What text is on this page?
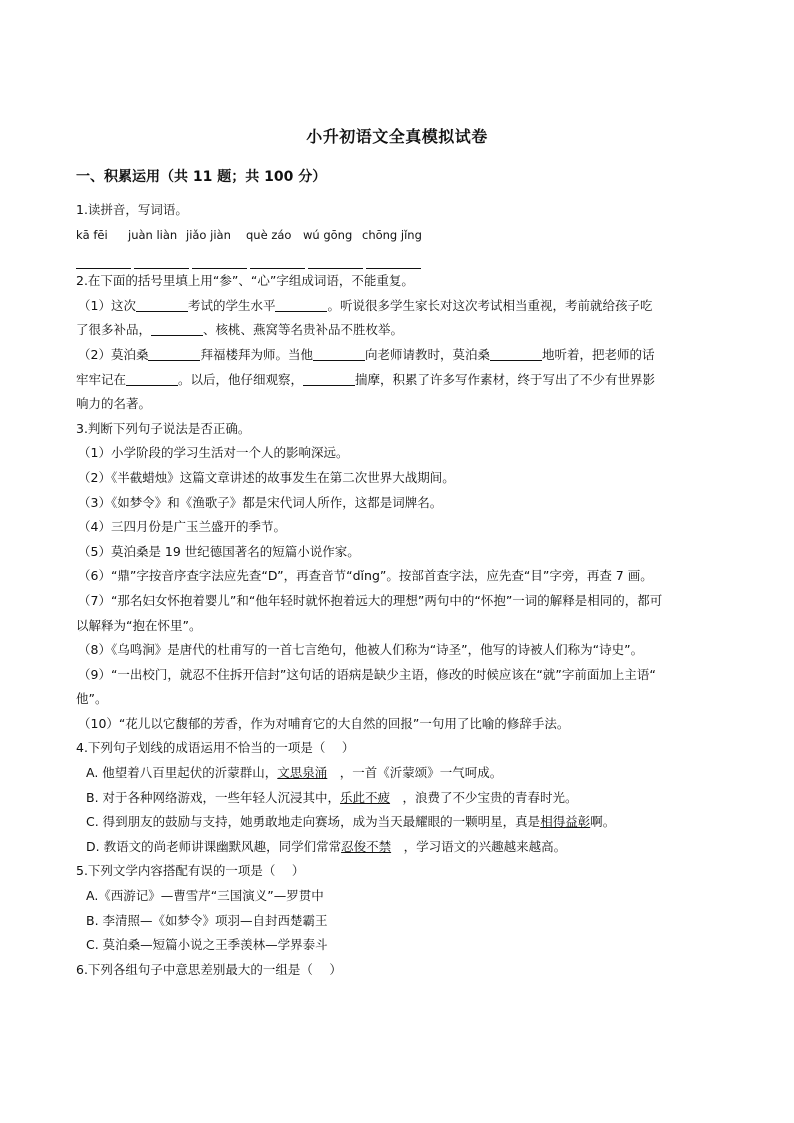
小升初语文全真模拟试卷
一、积累运用（共 11 题；共 100 分）
1.读拼音，写词语。
kā fēi	juàn liàn jiǎo jiàn	què záo	wú gōng chōng jǐng
2.在下面的括号里填上用“参”、“心”字组成词语，不能重复。
（1）这次	考试的学生水平	。听说很多学生家长对这次考试相当重视，考前就给孩子吃
了很多补品，	、核桃、燕窝等名贵补品不胜枚举。
（2）莫泊桑	拜福楼拜为师。当他	向老师请教时，莫泊桑	地听着，把老师的话
牢牢记在	。以后，他仔细观察，	揣摩，积累了许多写作素材，终于写出了不少有世界影
响力的名著。
3.判断下列句子说法是否正确。
（1）小学阶段的学习生活对一个人的影响深远。
（2）《半截蜡烛》这篇文章讲述的故事发生在第二次世界大战期间。
（3）《如梦令》和《渔歌子》都是宋代词人所作，这都是词牌名。
（4）三四月份是广玉兰盛开的季节。
（5）莫泊桑是 19 世纪德国著名的短篇小说作家。
（6）“鼎”字按音序查字法应先查“D”，再查音节“dǐng”。按部首查字法，应先查“目”字旁，再查 7 画。
（7）“那名妇女怀抱着婴儿”和“他年轻时就怀抱着远大的理想”两句中的“怀抱”一词的解释是相同的，都可
以解释为“抱在怀里”。
（8）《乌鸣涧》是唐代的杜甫写的一首七言绝句，他被人们称为“诗圣”，他写的诗被人们称为“诗史”。
（9）“一出校门，就忍不住拆开信封”这句话的语病是缺少主语，修改的时候应该在“就”字前面加上主语“
他”。
（10）“花儿以它馥郁的芳香，作为对哺育它的大自然的回报”一句用了比喻的修辞手法。
4.下列句子划线的成语运用不恰当的一项是（　 ）
A. 他望着八百里起伏的沂蒙群山，文思泉涌　，一首《沂蒙颂》一气呵成。
B. 对于各种网络游戏，一些年轻人沉浸其中，乐此不疲　，浪费了不少宝贵的青春时光。
C. 得到朋友的鼓励与支持，她勇敢地走向赛场，成为当天最耀眼的一颗明星，真是相得益彰啊。
D. 教语文的尚老师讲课幽默风趣，同学们常常忍俊不禁　，学习语文的兴趣越来越高。
5.下列文学内容搭配有误的一项是（　 ）
A.《西游记》—曹雪芹“三国演义”—罗贯中
B. 李清照—《如梦令》项羽—自封西楚霸王
C. 莫泊桑—短篇小说之王季羡林—学界泰斗
6.下列各组句子中意思差别最大的一组是（　 ）
